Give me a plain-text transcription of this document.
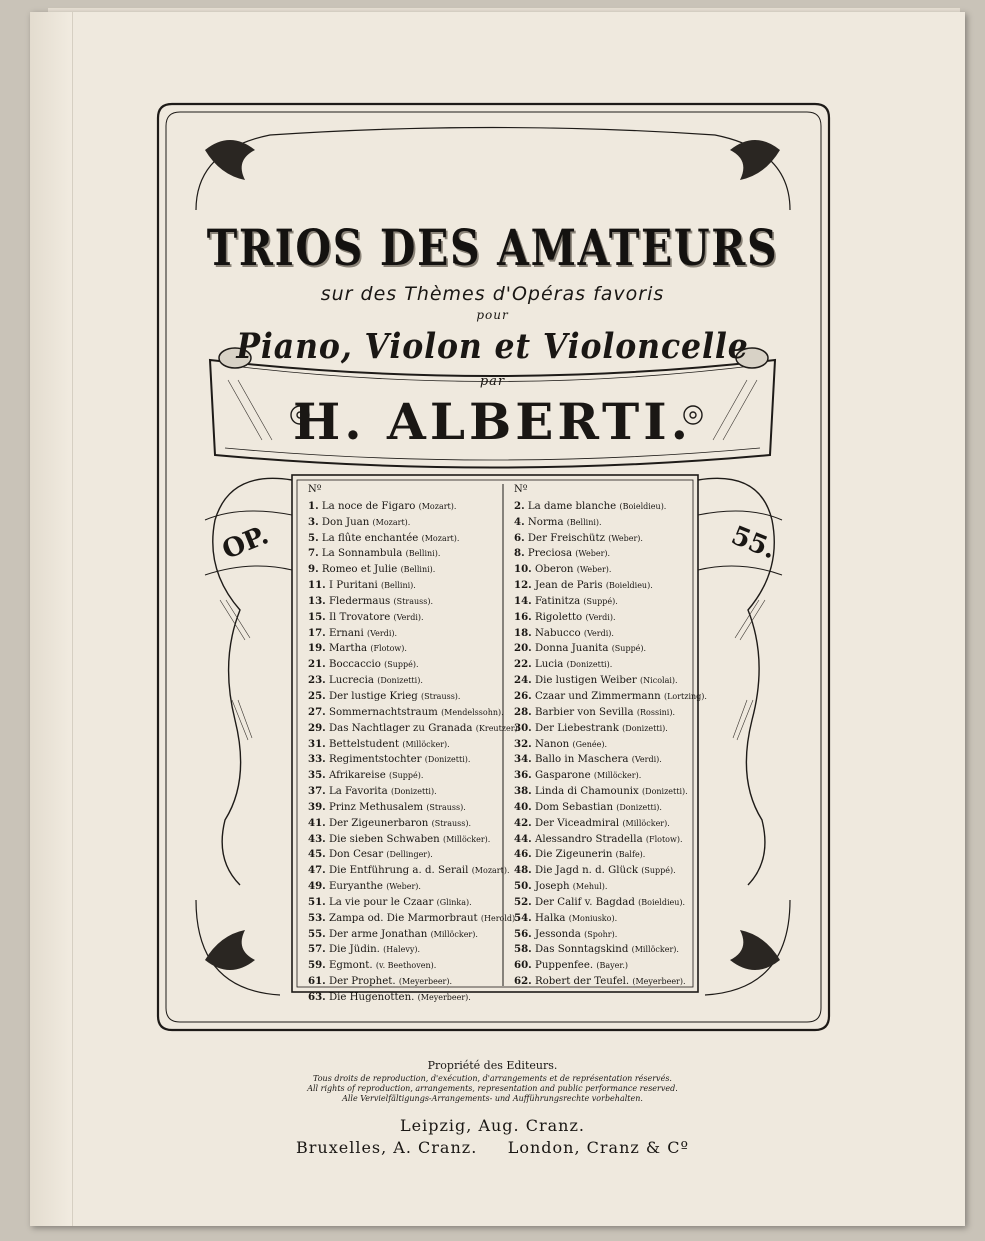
TRIOS DES AMATEURS
sur des Thèmes d'Opéras favoris
pour
Piano, Violon et Violoncelle
par
H. ALBERTI.
OP.	55.
Nº
1. La noce de Figaro (Mozart).
3. Don Juan (Mozart).
5. La flûte enchantée (Mozart).
7. La Sonnambula (Bellini).
9. Romeo et Julie (Bellini).
11. I Puritani (Bellini).
13. Fledermaus (Strauss).
15. Il Trovatore (Verdi).
17. Ernani (Verdi).
19. Martha (Flotow).
21. Boccaccio (Suppé).
23. Lucrecia (Donizetti).
25. Der lustige Krieg (Strauss).
27. Sommernachtstraum (Mendelssohn).
29. Das Nachtlager zu Granada (Kreutzer).
31. Bettelstudent (Millöcker).
33. Regimentstochter (Donizetti).
35. Afrikareise (Suppé).
37. La Favorita (Donizetti).
39. Prinz Methusalem (Strauss).
41. Der Zigeunerbaron (Strauss).
43. Die sieben Schwaben (Millöcker).
45. Don Cesar (Dellinger).
47. Die Entführung a. d. Serail (Mozart).
49. Euryanthe (Weber).
51. La vie pour le Czaar (Glinka).
53. Zampa od. Die Marmorbraut (Herold).
55. Der arme Jonathan (Millöcker).
57. Die Jüdin. (Halevy).
59. Egmont. (v. Beethoven).
61. Der Prophet. (Meyerbeer).
63. Die Hugenotten. (Meyerbeer).
Nº
2. La dame blanche (Boieldieu).
4. Norma (Bellini).
6. Der Freischütz (Weber).
8. Preciosa (Weber).
10. Oberon (Weber).
12. Jean de Paris (Boieldieu).
14. Fatinitza (Suppé).
16. Rigoletto (Verdi).
18. Nabucco (Verdi).
20. Donna Juanita (Suppé).
22. Lucia (Donizetti).
24. Die lustigen Weiber (Nicolai).
26. Czaar und Zimmermann (Lortzing).
28. Barbier von Sevilla (Rossini).
30. Der Liebestrank (Donizetti).
32. Nanon (Genée).
34. Ballo in Maschera (Verdi).
36. Gasparone (Millöcker).
38. Linda di Chamounix (Donizetti).
40. Dom Sebastian (Donizetti).
42. Der Viceadmiral (Millöcker).
44. Alessandro Stradella (Flotow).
46. Die Zigeunerin (Balfe).
48. Die Jagd n. d. Glück (Suppé).
50. Joseph (Mehul).
52. Der Calif v. Bagdad (Boieldieu).
54. Halka (Moniusko).
56. Jessonda (Spohr).
58. Das Sonntagskind (Millöcker).
60. Puppenfee. (Bayer.)
62. Robert der Teufel. (Meyerbeer).
Propriété des Editeurs.
Tous droits de reproduction, d'exécution, d'arrangements et de représentation réservés.
All rights of reproduction, arrangements, representation and public performance reserved.
Alle Vervielfältigungs-Arrangements- und Aufführungsrechte vorbehalten.
Leipzig, Aug. Cranz.
Bruxelles, A. Cranz. London, Cranz & Cº
